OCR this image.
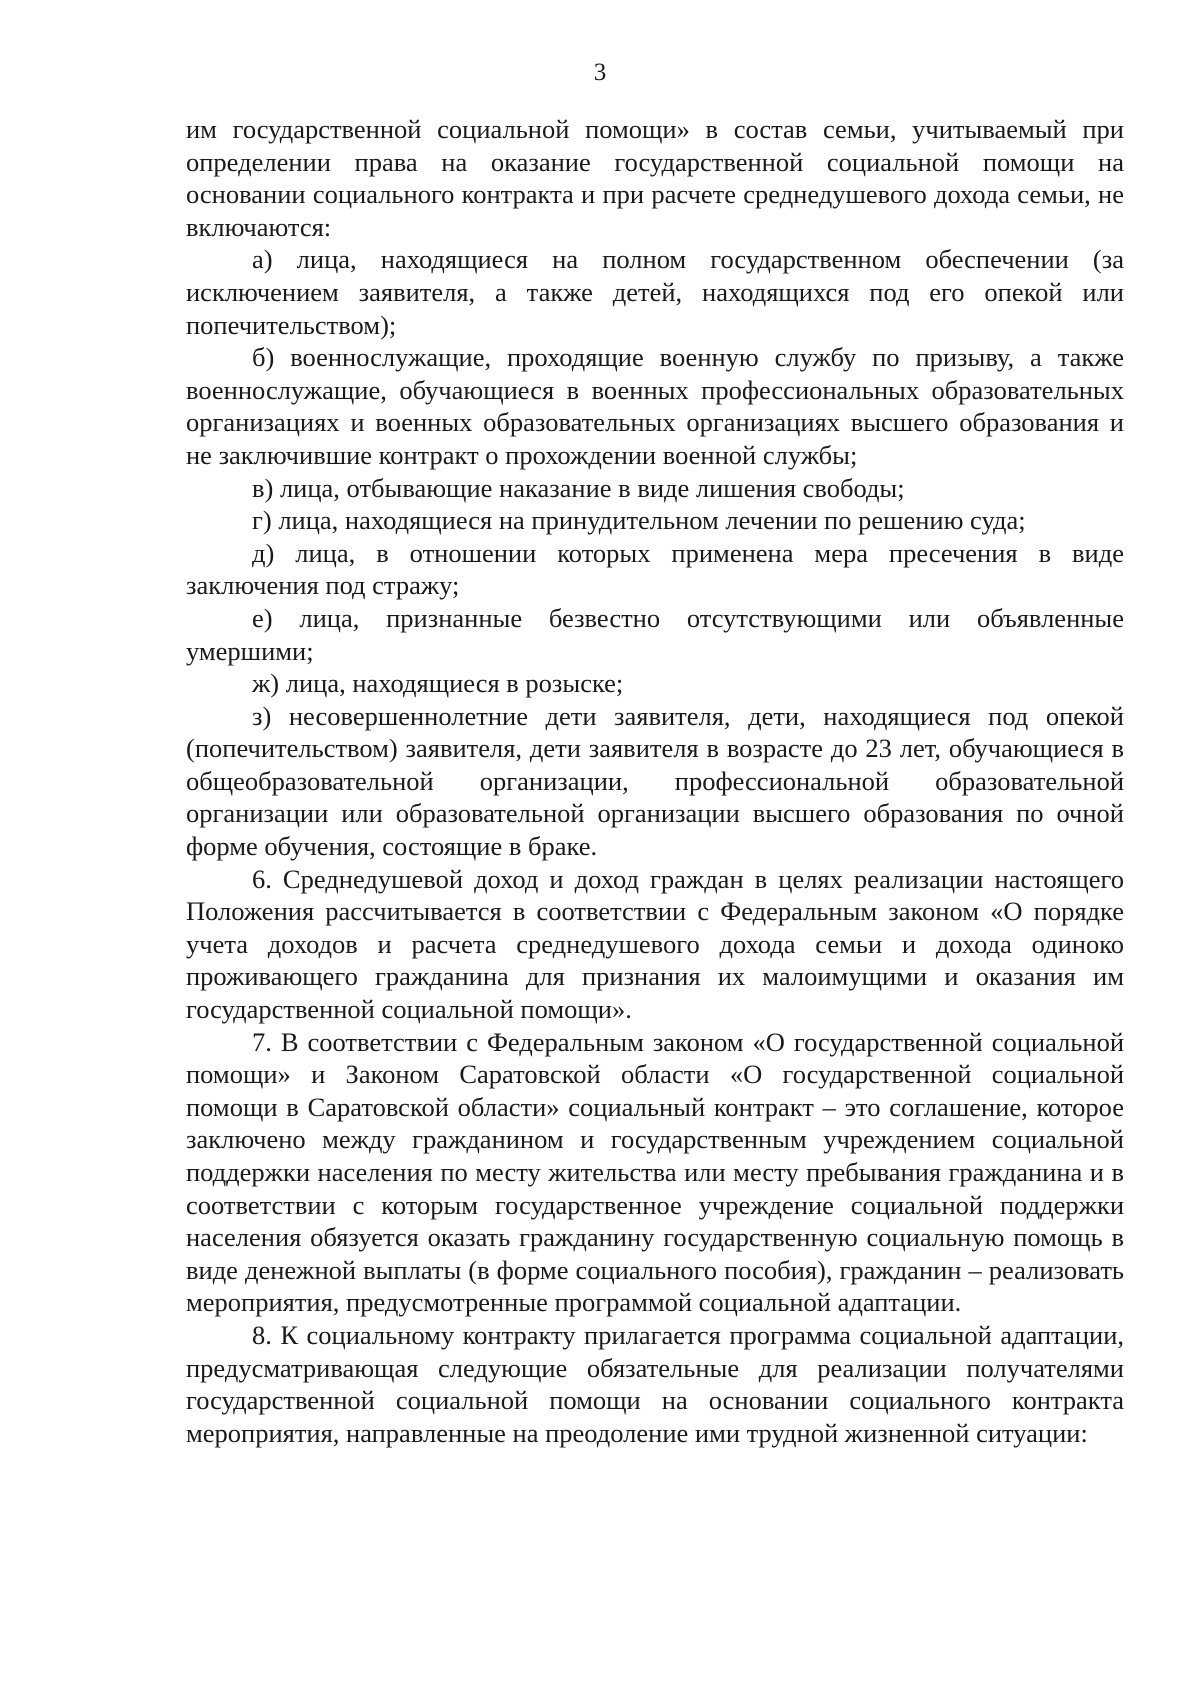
3

им государственной социальной помощи» в состав семьи, учитываемый при определении права на оказание государственной социальной помощи на основании социального контракта и при расчете среднедушевого дохода семьи, не включаются:

а) лица, находящиеся на полном государственном обеспечении (за исключением заявителя, а также детей, находящихся под его опекой или попечительством);

б) военнослужащие, проходящие военную службу по призыву, а также военнослужащие, обучающиеся в военных профессиональных образовательных организациях и военных образовательных организациях высшего образования и не заключившие контракт о прохождении военной службы;

в) лица, отбывающие наказание в виде лишения свободы;

г) лица, находящиеся на принудительном лечении по решению суда;

д) лица, в отношении которых применена мера пресечения в виде заключения под стражу;

е) лица, признанные безвестно отсутствующими или объявленные умершими;

ж) лица, находящиеся в розыске;

з) несовершеннолетние дети заявителя, дети, находящиеся под опекой (попечительством) заявителя, дети заявителя в возрасте до 23 лет, обучающиеся в общеобразовательной организации, профессиональной образовательной организации или образовательной организации высшего образования по очной форме обучения, состоящие в браке.

6. Среднедушевой доход и доход граждан в целях реализации настоящего Положения рассчитывается в соответствии с Федеральным законом «О порядке учета доходов и расчета среднедушевого дохода семьи и дохода одиноко проживающего гражданина для признания их малоимущими и оказания им государственной социальной помощи».

7. В соответствии с Федеральным законом «О государственной социальной помощи» и Законом Саратовской области «О государственной социальной помощи в Саратовской области» социальный контракт – это соглашение, которое заключено между гражданином и государственным учреждением социальной поддержки населения по месту жительства или месту пребывания гражданина и в соответствии с которым государственное учреждение социальной поддержки населения обязуется оказать гражданину государственную социальную помощь в виде денежной выплаты (в форме социального пособия), гражданин – реализовать мероприятия, предусмотренные программой социальной адаптации.

8. К социальному контракту прилагается программа социальной адаптации, предусматривающая следующие обязательные для реализации получателями государственной социальной помощи на основании социального контракта мероприятия, направленные на преодоление ими трудной жизненной ситуации:
